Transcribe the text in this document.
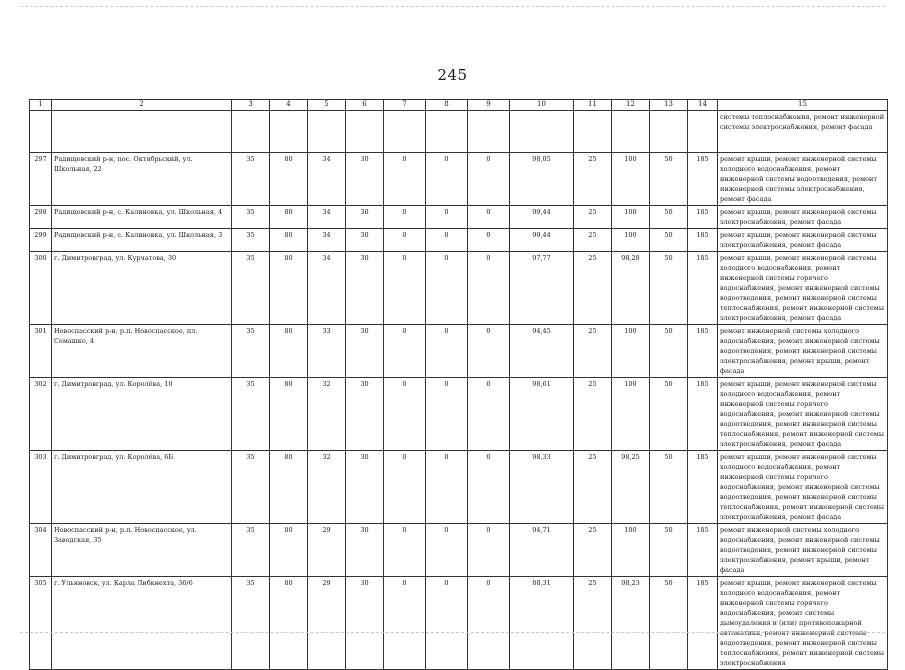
245
1	2	3	4	5	6	7	8	9	10	11	12	13	14	15
														системы теплоснабжения, ремонт инженерной системы электроснабжения, ремонт фасада
297	Радищевский р-н, пос. Октябрьский, ул. Школьная, 22	35	80	34	30	0	0	0	98,05	25	100	50	185	ремонт крыши, ремонт инженерной системы холодного водоснабжения, ремонт инженерной системы водоотведения, ремонт инженерной системы электроснабжения, ремонт фасада
298	Радищевский р-н, с. Калиновка, ул. Школьная, 4	35	80	34	30	0	0	0	99,44	25	100	50	185	ремонт крыши, ремонт инженерной системы электроснабжения, ремонт фасада
299	Радищевский р-н, с. Калиновка, ул. Школьная, 3	35	80	34	30	0	0	0	99,44	25	100	50	185	ремонт крыши, ремонт инженерной системы электроснабжения, ремонт фасада
300	г. Димитровград, ул. Курчатова, 30	35	80	34	30	0	0	0	97,77	25	98,28	50	185	ремонт крыши, ремонт инженерной системы холодного водоснабжения, ремонт инженерной системы горячего водоснабжения, ремонт инженерной системы водоотведения, ремонт инженерной системы теплоснабжения, ремонт инженерной системы электроснабжения, ремонт фасада
301	Новоспасский р-н, р.п. Новоспасское, пл. Семашко, 4	35	80	33	30	0	0	0	94,45	25	100	50	185	ремонт инженерной системы холодного водоснабжения, ремонт инженерной системы водоотведения, ремонт инженерной системы электроснабжения, ремонт крыши, ремонт фасада
302	г. Димитровград, ул. Королёва, 10	35	80	32	30	0	0	0	98,61	25	100	50	185	ремонт крыши, ремонт инженерной системы холодного водоснабжения, ремонт инженерной системы горячего водоснабжения, ремонт инженерной системы водоотведения, ремонт инженерной системы теплоснабжения, ремонт инженерной системы электроснабжения, ремонт фасада
303	г. Димитровград, ул. Королёва, 6Б	35	80	32	30	0	0	0	98,33	25	98,25	50	185	ремонт крыши, ремонт инженерной системы холодного водоснабжения, ремонт инженерной системы горячего водоснабжения, ремонт инженерной системы водоотведения, ремонт инженерной системы теплоснабжения, ремонт инженерной системы электроснабжения, ремонт фасада
304	Новоспасский р-н, р.п. Новоспасское, ул. Заводская, 35	35	80	29	30	0	0	0	94,71	25	100	50	185	ремонт инженерной системы холодного водоснабжения, ремонт инженерной системы водоотведения, ремонт инженерной системы электроснабжения, ремонт крыши, ремонт фасада
305	г. Ульяновск, ул. Карла Либкнехта, 36/6	35	80	29	30	0	0	0	88,31	25	98,23	50	185	ремонт крыши, ремонт инженерной системы холодного водоснабжения, ремонт инженерной системы горячего водоснабжения, ремонт системы дымоудаления и (или) противопожарной автоматики, ремонт инженерной системы водоотведения, ремонт инженерной системы теплоснабжения, ремонт инженерной системы электроснабжения
